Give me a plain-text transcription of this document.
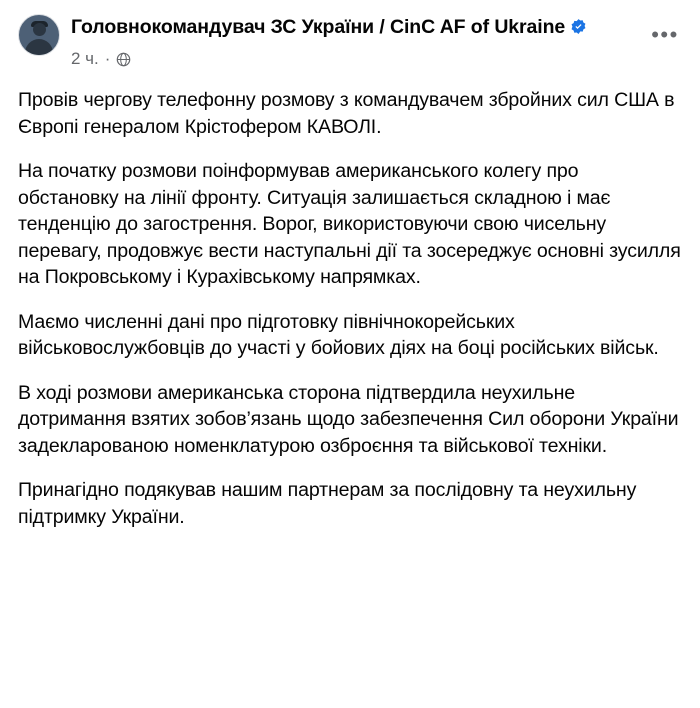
Головнокомандувач ЗС України / CinC AF of Ukraine
2 ч. ·
•••

Провів чергову телефонну розмову з командувачем збройних сил США в Європі генералом Крістофером КАВОЛІ.

На початку розмови поінформував американського колегу про обстановку на лінії фронту. Ситуація залишається складною і має тенденцію до загострення. Ворог, використовуючи свою чисельну перевагу, продовжує вести наступальні дії та зосереджує основні зусилля на Покровському і Курахівському напрямках.

Маємо численні дані про підготовку північнокорейських військовослужбовців до участі у бойових діях на боці російських військ.

В ході розмови американська сторона підтвердила неухильне дотримання взятих зобов’язань щодо забезпечення Сил оборони України задекларованою номенклатурою озброєння та військової техніки.

Принагідно подякував нашим партнерам за послідовну та неухильну підтримку України.
